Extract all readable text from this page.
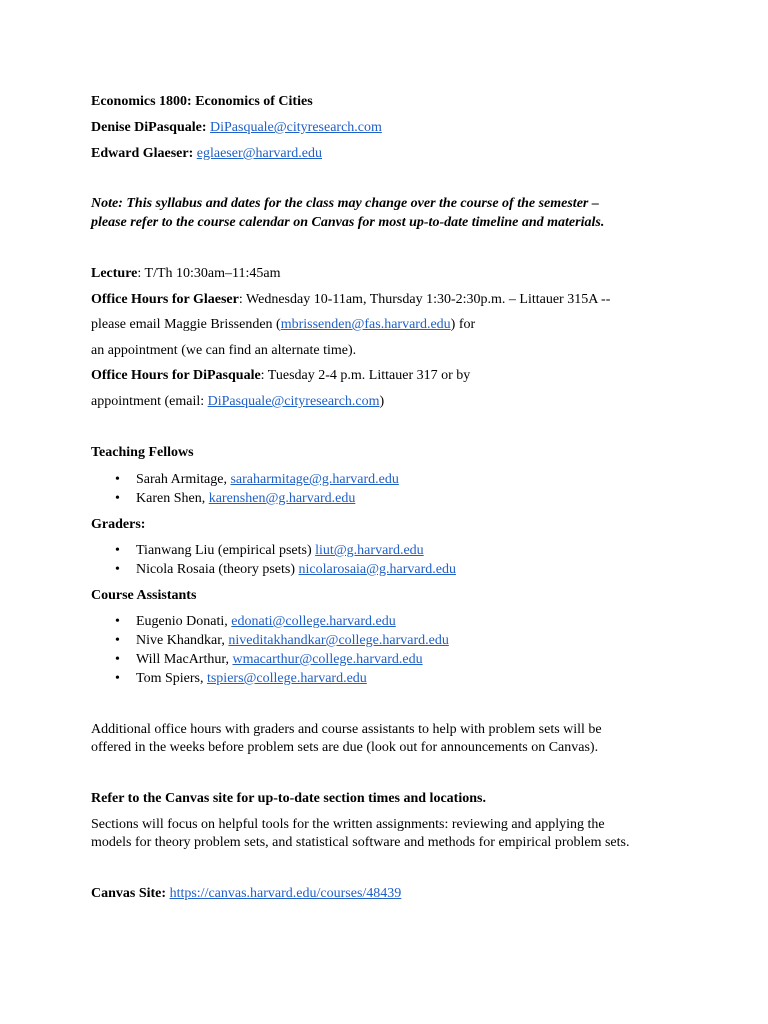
Economics 1800: Economics of Cities
Denise DiPasquale: DiPasquale@cityresearch.com
Edward Glaeser: eglaeser@harvard.edu
Note: This syllabus and dates for the class may change over the course of the semester –
please refer to the course calendar on Canvas for most up-to-date timeline and materials.
Lecture: T/Th 10:30am–11:45am
Office Hours for Glaeser: Wednesday 10-11am, Thursday 1:30-2:30p.m. – Littauer 315A --
please email Maggie Brissenden (mbrissenden@fas.harvard.edu) for
an appointment (we can find an alternate time).
Office Hours for DiPasquale: Tuesday 2-4 p.m. Littauer 317 or by
appointment (email: DiPasquale@cityresearch.com)
Teaching Fellows
• Sarah Armitage, saraharmitage@g.harvard.edu
• Karen Shen, karenshen@g.harvard.edu
Graders:
• Tianwang Liu (empirical psets) liut@g.harvard.edu
• Nicola Rosaia (theory psets) nicolarosaia@g.harvard.edu
Course Assistants
• Eugenio Donati, edonati@college.harvard.edu
• Nive Khandkar, niveditakhandkar@college.harvard.edu
• Will MacArthur, wmacarthur@college.harvard.edu
• Tom Spiers, tspiers@college.harvard.edu
Additional office hours with graders and course assistants to help with problem sets will be
offered in the weeks before problem sets are due (look out for announcements on Canvas).
Refer to the Canvas site for up-to-date section times and locations.
Sections will focus on helpful tools for the written assignments: reviewing and applying the
models for theory problem sets, and statistical software and methods for empirical problem sets.
Canvas Site: https://canvas.harvard.edu/courses/48439
